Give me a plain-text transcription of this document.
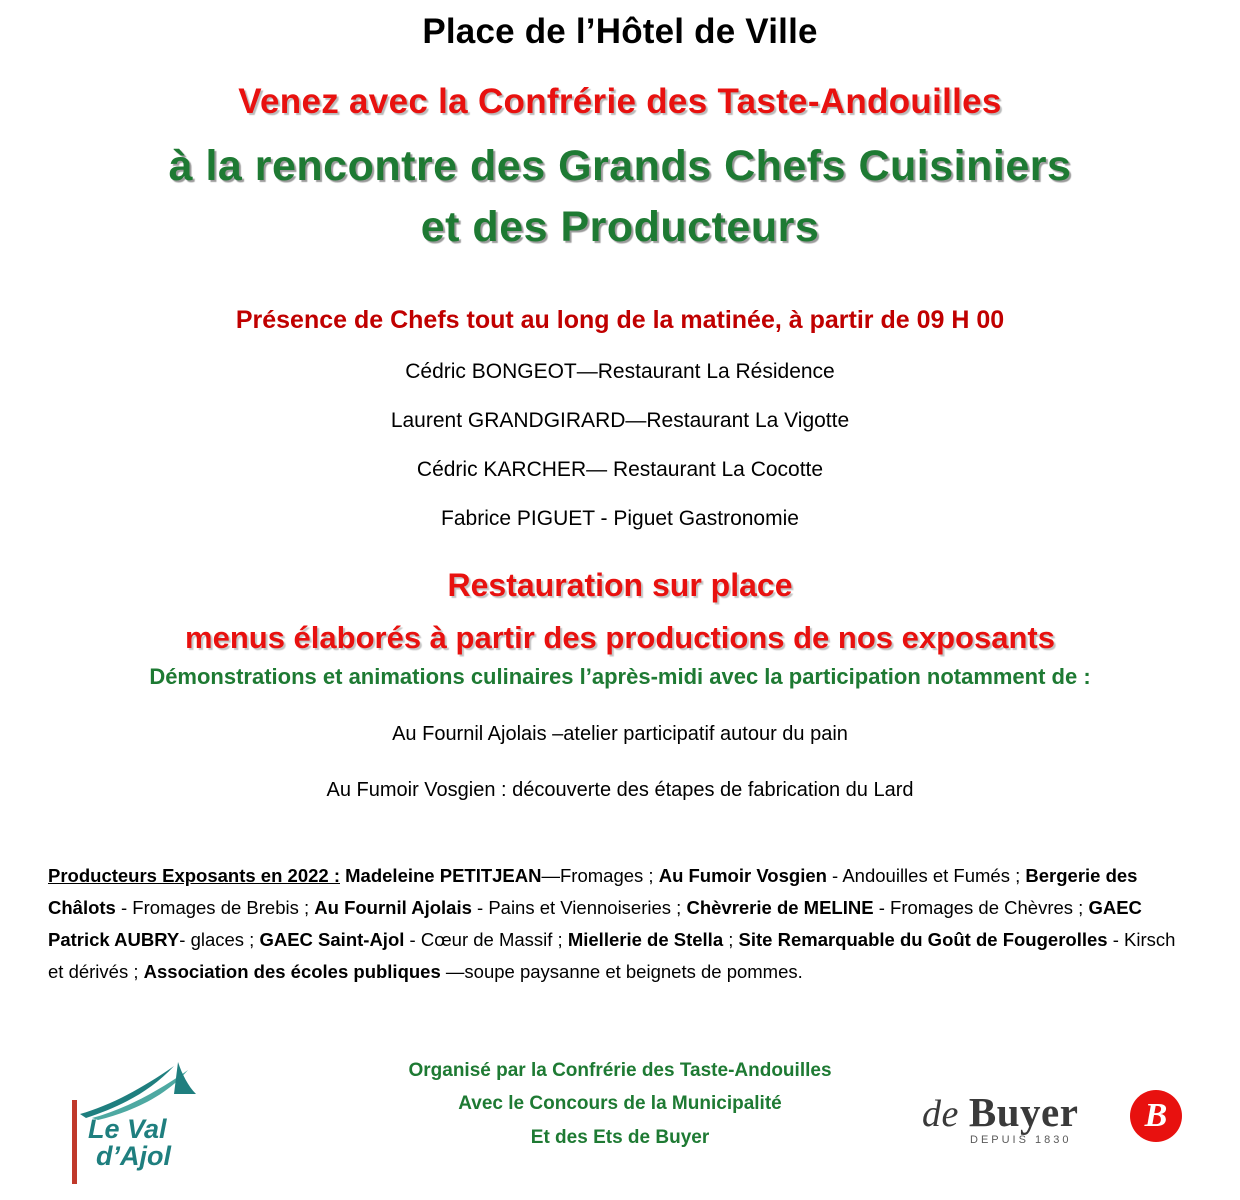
Place de l’Hôtel de Ville
Venez avec la Confrérie des Taste-Andouilles
à la rencontre des Grands Chefs Cuisiniers et des Producteurs
Présence de Chefs tout au long de la matinée, à partir de 09 H 00
Cédric BONGEOT—Restaurant La Résidence
Laurent GRANDGIRARD—Restaurant La Vigotte
Cédric KARCHER— Restaurant La Cocotte
Fabrice PIGUET - Piguet Gastronomie
Restauration sur place
menus élaborés à partir des productions de nos exposants
Démonstrations et animations culinaires l’après-midi avec la participation notamment de :
Au Fournil Ajolais –atelier participatif autour du pain
Au Fumoir Vosgien : découverte des étapes de fabrication du Lard
Producteurs Exposants en 2022 : Madeleine PETITJEAN—Fromages ; Au Fumoir Vosgien - Andouilles et Fumés ; Bergerie des Châlots - Fromages de Brebis ; Au Fournil Ajolais - Pains et Viennoiseries ; Chèvrerie de MELINE - Fromages de Chèvres ; GAEC Patrick AUBRY- glaces ; GAEC Saint-Ajol - Cœur de Massif ; Miellerie de Stella ; Site Remarquable du Goût de Fougerolles - Kirsch et dérivés ; Association des écoles publiques —soupe paysanne et beignets de pommes.
Le Val
d’Ajol
Organisé par la Confrérie des Taste-Andouilles
Avec le Concours de la Municipalité
Et des Ets de Buyer
de Buyer
DEPUIS 1830
B
